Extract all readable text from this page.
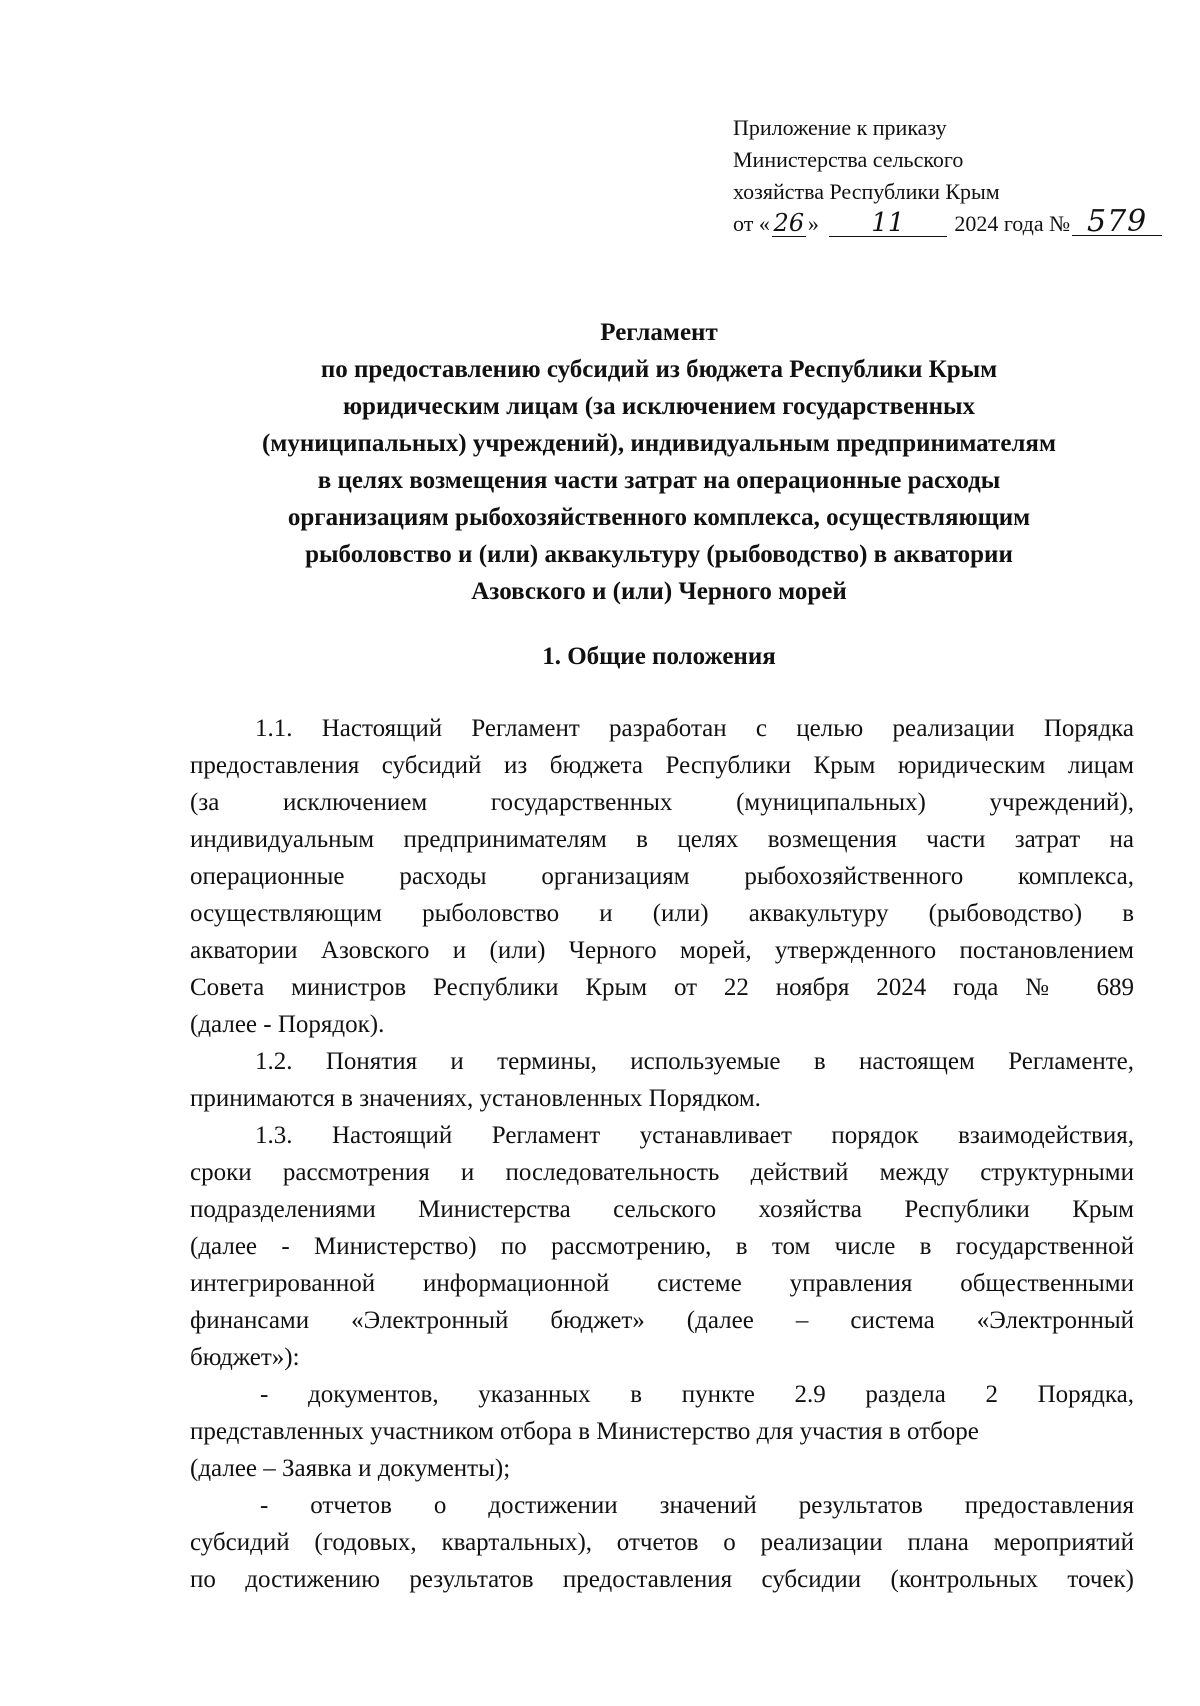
Приложение к приказу
Министерства сельского
хозяйства Республики Крым
от « 26 » 11 2024 года № 579
Регламент
по предоставлению субсидий из бюджета Республики Крым
юридическим лицам (за исключением государственных
(муниципальных) учреждений), индивидуальным предпринимателям
в целях возмещения части затрат на операционные расходы
организациям рыбохозяйственного комплекса, осуществляющим
рыболовство и (или) аквакультуру (рыбоводство) в акватории
Азовского и (или) Черного морей
1. Общие положения
1.1. Настоящий Регламент разработан с целью реализации Порядка
предоставления субсидий из бюджета Республики Крым юридическим лицам
(за исключением государственных (муниципальных) учреждений),
индивидуальным предпринимателям в целях возмещения части затрат на
операционные расходы организациям рыбохозяйственного комплекса,
осуществляющим рыболовство и (или) аквакультуру (рыбоводство) в
акватории Азовского и (или) Черного морей, утвержденного постановлением
Совета министров Республики Крым от 22 ноября 2024 года № 689
(далее - Порядок).
1.2. Понятия и термины, используемые в настоящем Регламенте,
принимаются в значениях, установленных Порядком.
1.3. Настоящий Регламент устанавливает порядок взаимодействия,
сроки рассмотрения и последовательность действий между структурными
подразделениями Министерства сельского хозяйства Республики Крым
(далее - Министерство) по рассмотрению, в том числе в государственной
интегрированной информационной системе управления общественными
финансами «Электронный бюджет» (далее – система «Электронный
бюджет»):
- документов, указанных в пункте 2.9 раздела 2 Порядка,
представленных участником отбора в Министерство для участия в отборе
(далее – Заявка и документы);
- отчетов о достижении значений результатов предоставления
субсидий (годовых, квартальных), отчетов о реализации плана мероприятий
по достижению результатов предоставления субсидии (контрольных точек)
